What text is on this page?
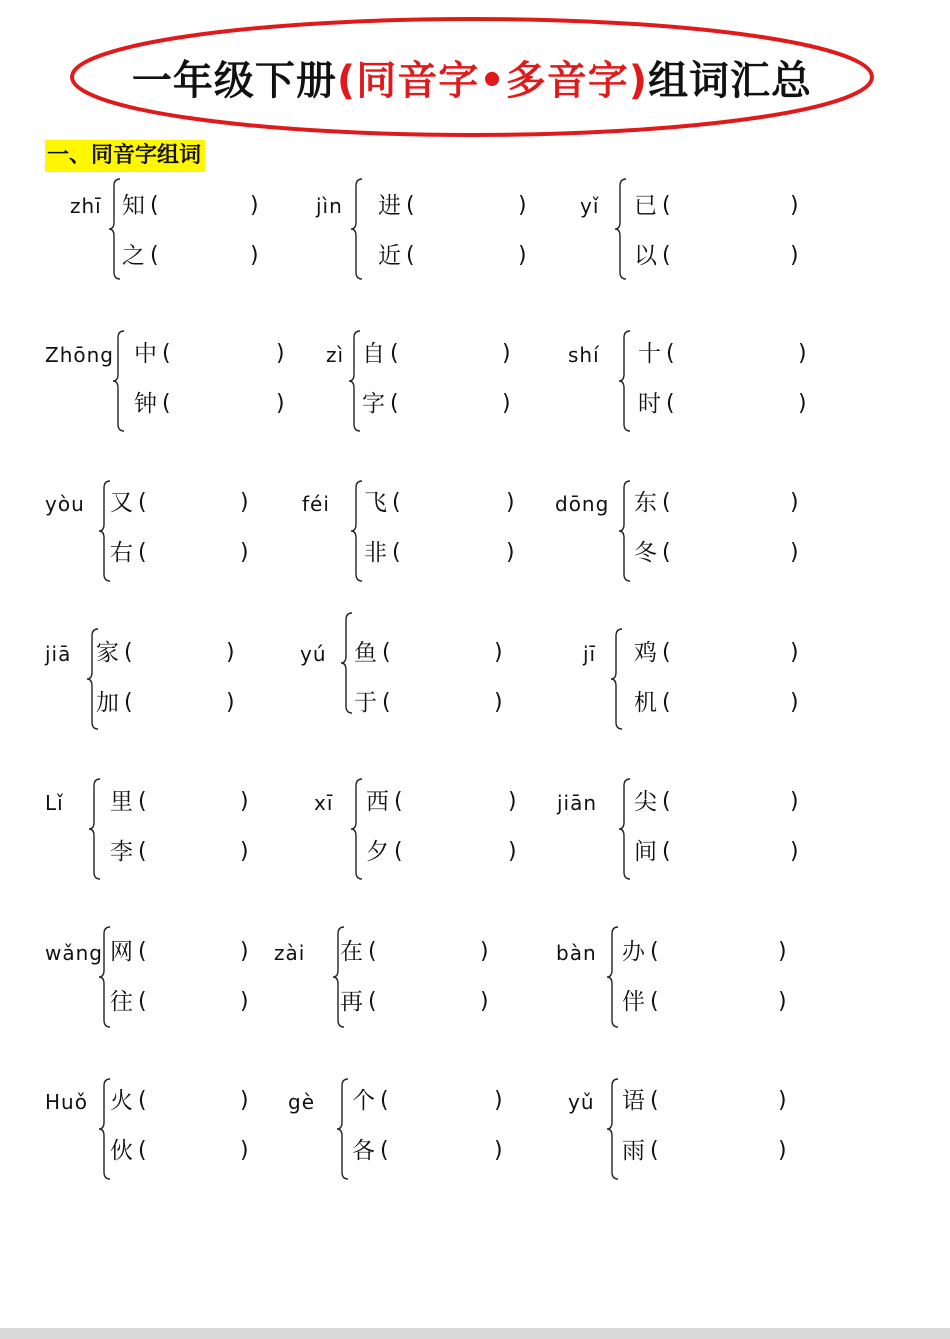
一年级下册 (同音字•多音字) 组词汇总
一、同音字组词
zhī 知 (	)
之 (	)
jìn 进 (	)
近 (	)
yǐ 已 (	)
以 (	)
Zhōng 中 (	)
钟 (	)
zì 自 (	)
字 (	)
shí 十 (	)
时 (	)
yòu 又 (	)
右 (	)
féi 飞 (	)
非 (	)
dōng 东 (	)
冬 (	)
jiā 家 (	)
加 (	)
yú 鱼 (	)
于 (	)
jī 鸡 (	)
机 (	)
Lǐ 里 (	)
李 (	)
xī 西 (	)
夕 (	)
jiān 尖 (	)
间 (	)
wǎng 网 (	)
往 (	)
zài 在 (	)
再 (	)
bàn 办 (	)
伴 (	)
Huǒ 火 (	)
伙 (	)
gè 个 (	)
各 (	)
yǔ 语 (	)
雨 (	)
